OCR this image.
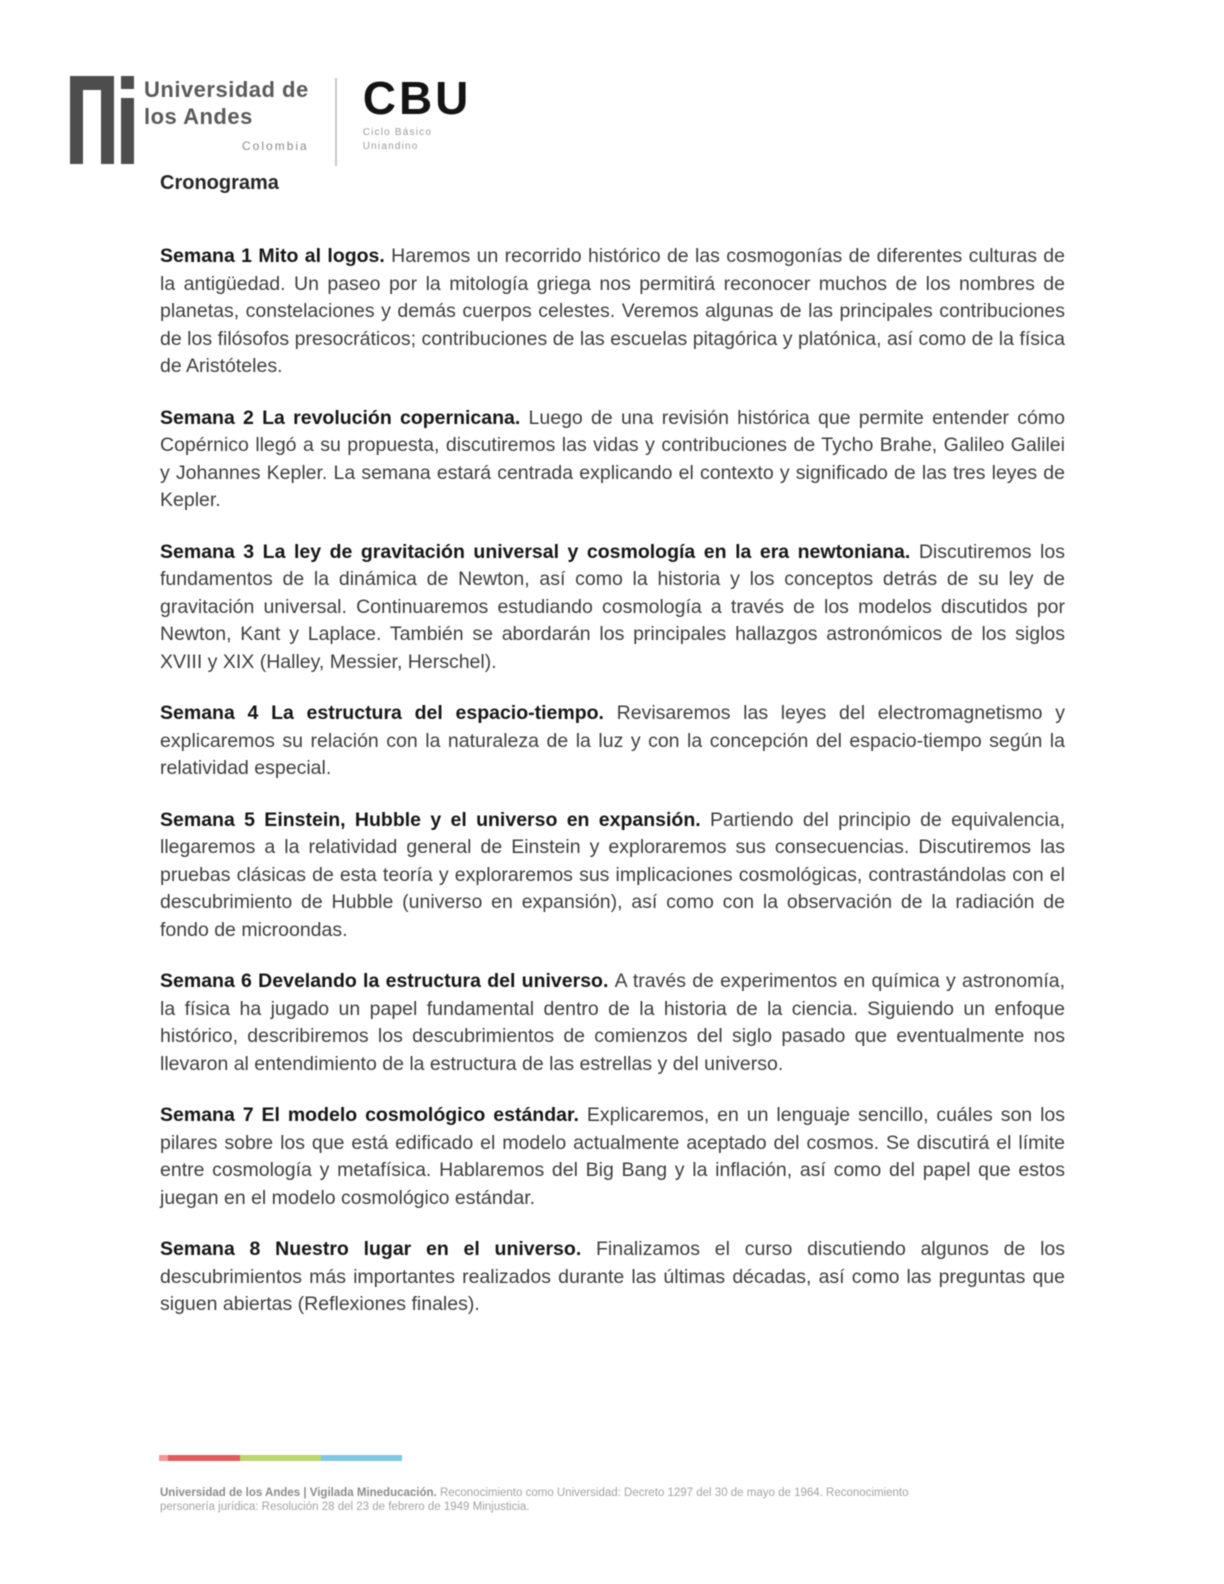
Universidad de
los Andes
Colombia
CBU
Ciclo Básico
Uniandino
Cronograma

Semana 1 Mito al logos. Haremos un recorrido histórico de las cosmogonías de diferentes culturas de la antigüedad. Un paseo por la mitología griega nos permitirá reconocer muchos de los nombres de planetas, constelaciones y demás cuerpos celestes. Veremos algunas de las principales contribuciones de los filósofos presocráticos; contribuciones de las escuelas pitagórica y platónica, así como de la física de Aristóteles.

Semana 2 La revolución copernicana. Luego de una revisión histórica que permite entender cómo Copérnico llegó a su propuesta, discutiremos las vidas y contribuciones de Tycho Brahe, Galileo Galilei y Johannes Kepler. La semana estará centrada explicando el contexto y significado de las tres leyes de Kepler.

Semana 3 La ley de gravitación universal y cosmología en la era newtoniana. Discutiremos los fundamentos de la dinámica de Newton, así como la historia y los conceptos detrás de su ley de gravitación universal. Continuaremos estudiando cosmología a través de los modelos discutidos por Newton, Kant y Laplace. También se abordarán los principales hallazgos astronómicos de los siglos XVIII y XIX (Halley, Messier, Herschel).

Semana 4 La estructura del espacio-tiempo. Revisaremos las leyes del electromagnetismo y explicaremos su relación con la naturaleza de la luz y con la concepción del espacio-tiempo según la relatividad especial.

Semana 5 Einstein, Hubble y el universo en expansión. Partiendo del principio de equivalencia, llegaremos a la relatividad general de Einstein y exploraremos sus consecuencias. Discutiremos las pruebas clásicas de esta teoría y exploraremos sus implicaciones cosmológicas, contrastándolas con el descubrimiento de Hubble (universo en expansión), así como con la observación de la radiación de fondo de microondas.

Semana 6 Develando la estructura del universo. A través de experimentos en química y astronomía, la física ha jugado un papel fundamental dentro de la historia de la ciencia. Siguiendo un enfoque histórico, describiremos los descubrimientos de comienzos del siglo pasado que eventualmente nos llevaron al entendimiento de la estructura de las estrellas y del universo.

Semana 7 El modelo cosmológico estándar. Explicaremos, en un lenguaje sencillo, cuáles son los pilares sobre los que está edificado el modelo actualmente aceptado del cosmos. Se discutirá el límite entre cosmología y metafísica. Hablaremos del Big Bang y la inflación, así como del papel que estos juegan en el modelo cosmológico estándar.

Semana 8 Nuestro lugar en el universo. Finalizamos el curso discutiendo algunos de los descubrimientos más importantes realizados durante las últimas décadas, así como las preguntas que siguen abiertas (Reflexiones finales).

Universidad de los Andes | Vigilada Mineducación. Reconocimiento como Universidad: Decreto 1297 del 30 de mayo de 1964. Reconocimiento personería jurídica: Resolución 28 del 23 de febrero de 1949 Minjusticia.
